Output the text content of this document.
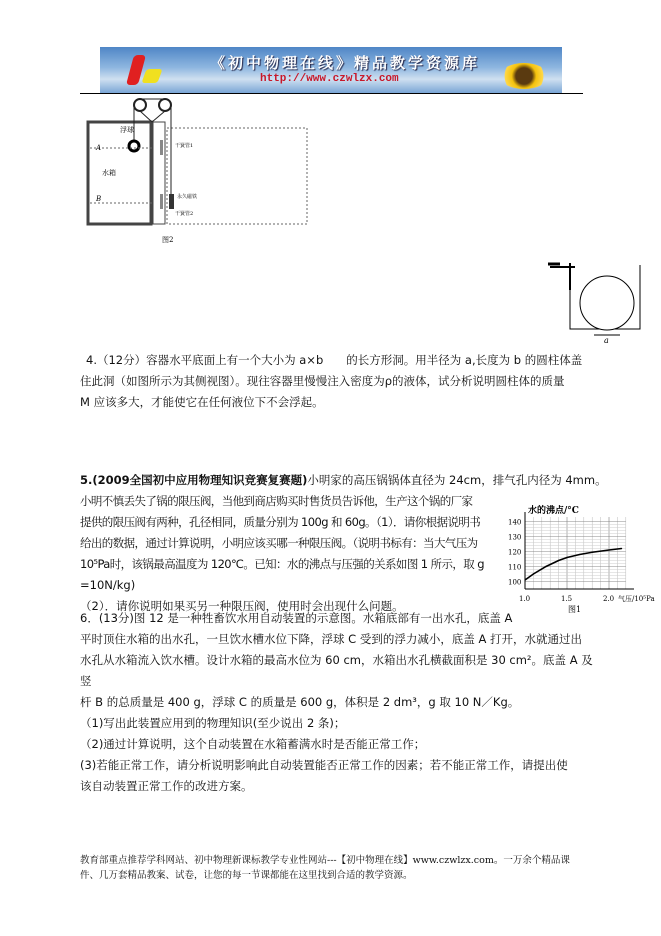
《初中物理在线》精品教学资源库
http://www.czwlzx.com
浮球
A
水箱
B
干簧管1
永久磁铁
干簧管2
图2
a
4.（12分）容器水平底面上有一个大小为 a×b　　的长方形洞。用半径为 a,长度为 b 的圆柱体盖
住此洞（如图所示为其侧视图）。现往容器里慢慢注入密度为ρ的液体，试分析说明圆柱体的质量
M 应该多大，才能使它在任何液位下不会浮起。
5.(2009全国初中应用物理知识竞赛复赛题)小明家的高压锅锅体直径为 24cm，排气孔内径为 4mm。
小明不慎丢失了锅的限压阀，当他到商店购买时售货员告诉他，生产这个锅的厂家
提供的限压阀有两种，孔径相同，质量分别为 100g 和 60g。（1）．请你根据说明书
给出的数据，通过计算说明，小明应该买哪一种限压阀。（说明书标有：当大气压为
10⁵Pa时，该锅最高温度为 120℃。已知：水的沸点与压强的关系如图 1 所示，取 g
=10N/kg)
（2）．请你说明如果买另一种限压阀，使用时会出现什么问题。
水的沸点/°C
气压/10⁵Pa
100
110
120
130
140
1.0	1.5	2.0
图1
6．(13分)图 12 是一种牲畜饮水用自动装置的示意图。水箱底部有一出水孔，底盖 A
平时顶住水箱的出水孔，一旦饮水槽水位下降，浮球 C 受到的浮力减小，底盖 A 打开，水就通过出
水孔从水箱流入饮水槽。设计水箱的最高水位为 60 cm，水箱出水孔横截面积是 30 cm²。底盖 A 及竖
杆 B 的总质量是 400 g，浮球 C 的质量是 600 g，体积是 2 dm³，g 取 10 N／Kg。
（1)写出此装置应用到的物理知识(至少说出 2 条)；
（2)通过计算说明，这个自动装置在水箱蓄满水时是否能正常工作；
(3)若能正常工作，请分析说明影响此自动装置能否正常工作的因素；若不能正常工作，请提出使
该自动装置正常工作的改进方案。
教育部重点推荐学科网站、初中物理新课标教学专业性网站---【初中物理在线】www.czwlzx.com。一万余个精品课
件、几万套精品教案、试卷，让您的每一节课都能在这里找到合适的教学资源。
